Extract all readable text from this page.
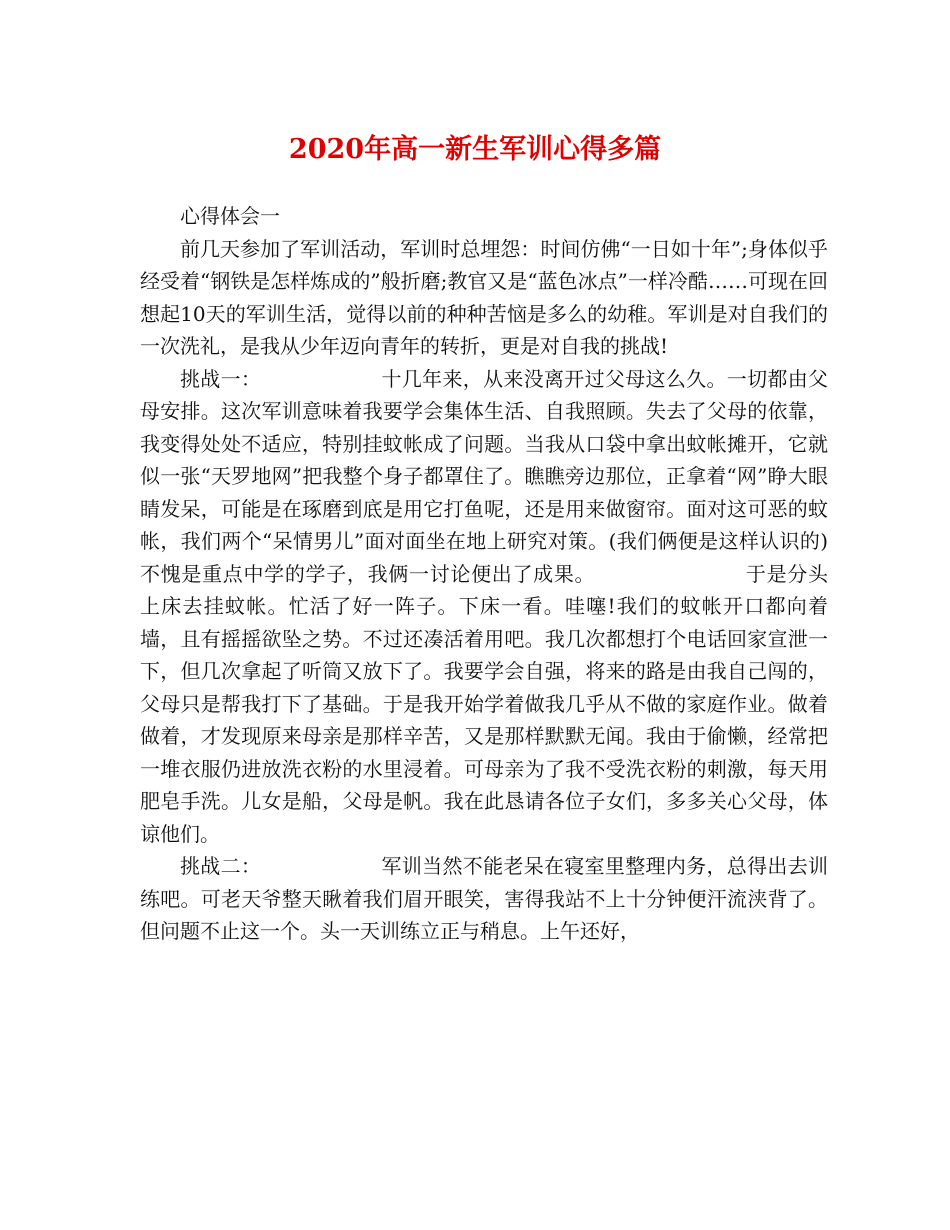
2020年高一新生军训心得多篇

心得体会一

前几天参加了军训活动，军训时总埋怨：时间仿佛“一日如十年”;身体似乎经受着“钢铁是怎样炼成的”般折磨;教官又是“蓝色冰点”一样冷酷……可现在回想起10天的军训生活，觉得以前的种种苦恼是多么的幼稚。军训是对自我们的一次洗礼，是我从少年迈向青年的转折，更是对自我的挑战!

挑战一：	十几年来，从来没离开过父母这么久。一切都由父母安排。这次军训意味着我要学会集体生活、自我照顾。失去了父母的依靠，我变得处处不适应，特别挂蚊帐成了问题。当我从口袋中拿出蚊帐摊开，它就似一张“天罗地网”把我整个身子都罩住了。瞧瞧旁边那位，正拿着“网”睁大眼睛发呆，可能是在琢磨到底是用它打鱼呢，还是用来做窗帘。面对这可恶的蚊帐，我们两个“呆情男儿”面对面坐在地上研究对策。(我们俩便是这样认识的)不愧是重点中学的学子，我俩一讨论便出了成果。	于是分头上床去挂蚊帐。忙活了好一阵子。下床一看。哇噻!我们的蚊帐开口都向着墙，且有摇摇欲坠之势。不过还凑活着用吧。我几次都想打个电话回家宣泄一下，但几次拿起了听筒又放下了。我要学会自强，将来的路是由我自己闯的，父母只是帮我打下了基础。于是我开始学着做我几乎从不做的家庭作业。做着做着，才发现原来母亲是那样辛苦，又是那样默默无闻。我由于偷懒，经常把一堆衣服仍进放洗衣粉的水里浸着。可母亲为了我不受洗衣粉的刺激，每天用肥皂手洗。儿女是船，父母是帆。我在此恳请各位子女们，多多关心父母，体谅他们。

挑战二：	军训当然不能老呆在寝室里整理内务，总得出去训练吧。可老天爷整天瞅着我们眉开眼笑，害得我站不上十分钟便汗流浃背了。但问题不止这一个。头一天训练立正与稍息。上午还好，
